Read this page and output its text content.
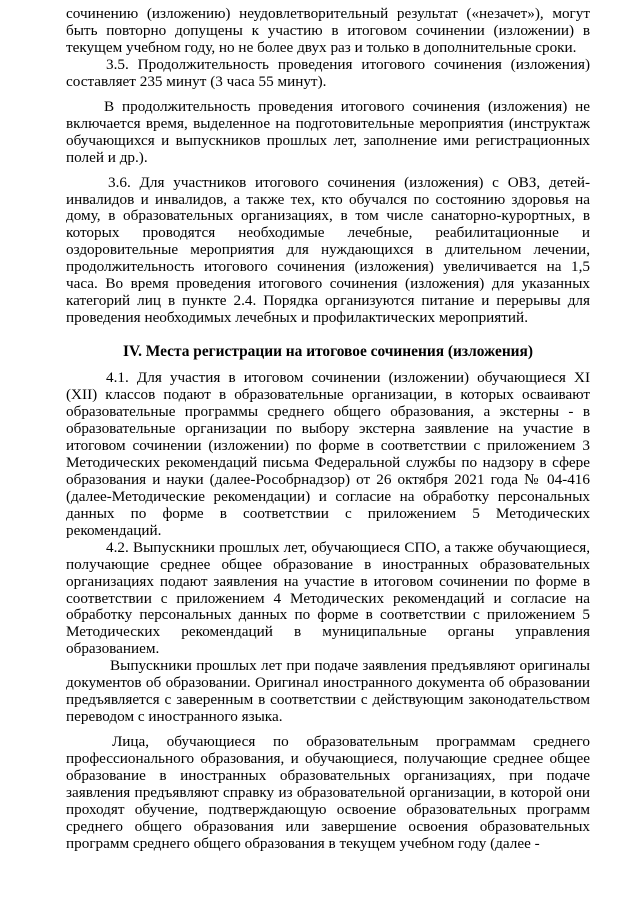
сочинению (изложению) неудовлетворительный результат («незачет»), могут быть повторно допущены к участию в итоговом сочинении (изложении) в текущем учебном году, но не более двух раз и только в дополнительные сроки.

3.5. Продолжительность проведения итогового сочинения (изложения) составляет 235 минут (3 часа 55 минут).

В продолжительность проведения итогового сочинения (изложения) не включается время, выделенное на подготовительные мероприятия (инструктаж обучающихся и выпускников прошлых лет, заполнение ими регистрационных полей и др.).

3.6. Для участников итогового сочинения (изложения) с ОВЗ, детей-инвалидов и инвалидов, а также тех, кто обучался по состоянию здоровья на дому, в образовательных организациях, в том числе санаторно-курортных, в которых проводятся необходимые лечебные, реабилитационные и оздоровительные мероприятия для нуждающихся в длительном лечении, продолжительность итогового сочинения (изложения) увеличивается на 1,5 часа. Во время проведения итогового сочинения (изложения) для указанных категорий лиц в пункте 2.4. Порядка организуются питание и перерывы для проведения необходимых лечебных и профилактических мероприятий.

IV. Места регистрации на итоговое сочинения (изложения)

4.1. Для участия в итоговом сочинении (изложении) обучающиеся XI (XII) классов подают в образовательные организации, в которых осваивают образовательные программы среднего общего образования, а экстерны - в образовательные организации по выбору экстерна заявление на участие в итоговом сочинении (изложении) по форме в соответствии с приложением 3 Методических рекомендаций письма Федеральной службы по надзору в сфере образования и науки (далее-Рособрнадзор) от 26 октября 2021 года № 04-416 (далее-Методические рекомендации) и согласие на обработку персональных данных по форме в соответствии с приложением 5 Методических рекомендаций.

4.2. Выпускники прошлых лет, обучающиеся СПО, а также обучающиеся, получающие среднее общее образование в иностранных образовательных организациях подают заявления на участие в итоговом сочинении по форме в соответствии с приложением 4 Методических рекомендаций и согласие на обработку персональных данных по форме в соответствии с приложением 5 Методических рекомендаций в муниципальные органы управления образованием.

Выпускники прошлых лет при подаче заявления предъявляют оригиналы документов об образовании. Оригинал иностранного документа об образовании предъявляется с заверенным в соответствии с действующим законодательством переводом с иностранного языка.

Лица, обучающиеся по образовательным программам среднего профессионального образования, и обучающиеся, получающие среднее общее образование в иностранных образовательных организациях, при подаче заявления предъявляют справку из образовательной организации, в которой они проходят обучение, подтверждающую освоение образовательных программ среднего общего образования или завершение освоения образовательных программ среднего общего образования в текущем учебном году (далее -
